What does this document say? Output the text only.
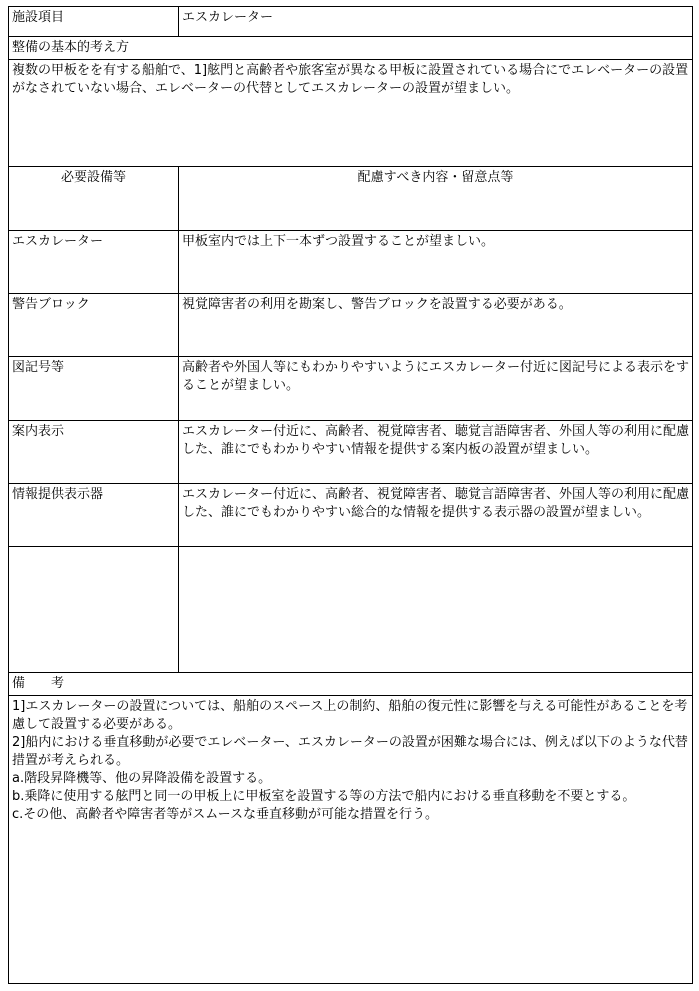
施設項目	エスカレーター
整備の基本的考え方	
複数の甲板をを有する船舶で、1]舷門と高齢者や旅客室が異なる甲板に設置されている場合にでエレベーターの設置がなされていない場合、エレベーターの代替としてエスカレーターの設置が望ましい。	
必要設備等	配慮すべき内容・留意点等
エスカレーター	甲板室内では上下一本ずつ設置することが望ましい。
警告ブロック	視覚障害者の利用を勘案し、警告ブロックを設置する必要がある。
図記号等	高齢者や外国人等にもわかりやすいようにエスカレーター付近に図記号による表示をすることが望ましい。
案内表示	エスカレーター付近に、高齢者、視覚障害者、聴覚言語障害者、外国人等の利用に配慮した、誰にでもわかりやすい情報を提供する案内板の設置が望ましい。
情報提供表示器	エスカレーター付近に、高齢者、視覚障害者、聴覚言語障害者、外国人等の利用に配慮した、誰にでもわかりやすい総合的な情報を提供する表示器の設置が望ましい。

備　　考	

1]エスカレーターの設置については、船舶のスペース上の制約、船舶の復元性に影響を与える可能性があることを考慮して設置する必要がある。
2]船内における垂直移動が必要でエレベーター、エスカレーターの設置が困難な場合には、例えば以下のような代替措置が考えられる。
a.階段昇降機等、他の昇降設備を設置する。
b.乗降に使用する舷門と同一の甲板上に甲板室を設置する等の方法で船内における垂直移動を不要とする。
c.その他、高齢者や障害者等がスムースな垂直移動が可能な措置を行う。	
